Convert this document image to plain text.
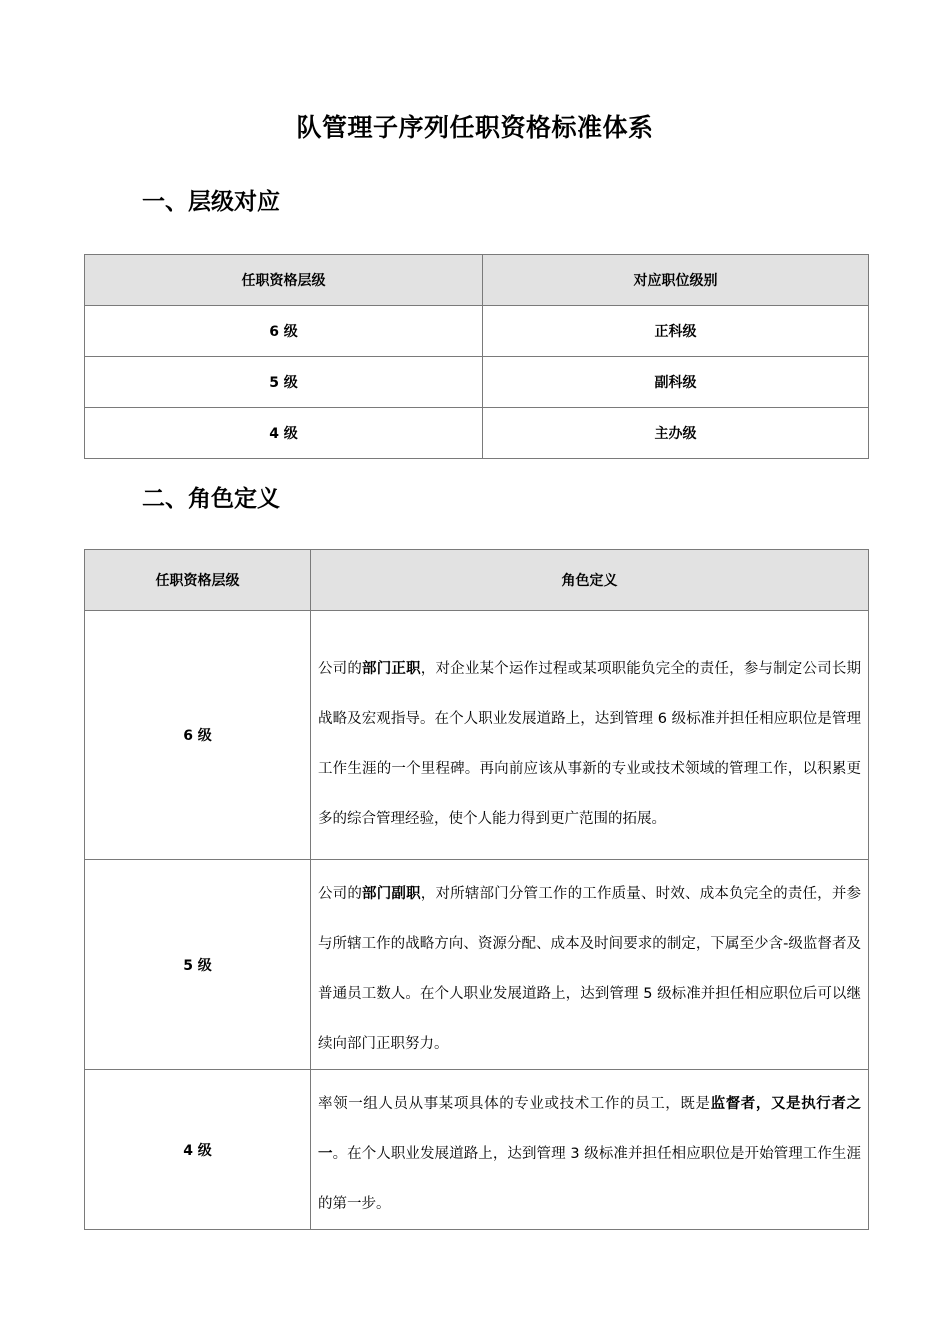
队管理子序列任职资格标准体系
一、层级对应
任职资格层级	对应职位级别
6 级	正科级
5 级	副科级
4 级	主办级
二、角色定义
任职资格层级	角色定义
6 级	公司的部门正职，对企业某个运作过程或某项职能负完全的责任，参与制定公司长期战略及宏观指导。在个人职业发展道路上，达到管理 6 级标准并担任相应职位是管理工作生涯的一个里程碑。再向前应该从事新的专业或技术领域的管理工作，以积累更多的综合管理经验，使个人能力得到更广范围的拓展。
5 级	公司的部门副职，对所辖部门分管工作的工作质量、时效、成本负完全的责任，并参与所辖工作的战略方向、资源分配、成本及时间要求的制定，下属至少含-级监督者及普通员工数人。在个人职业发展道路上，达到管理 5 级标准并担任相应职位后可以继续向部门正职努力。
4 级	率领一组人员从事某项具体的专业或技术工作的员工，既是监督者，又是执行者之一。在个人职业发展道路上，达到管理 3 级标准并担任相应职位是开始管理工作生涯的第一步。
